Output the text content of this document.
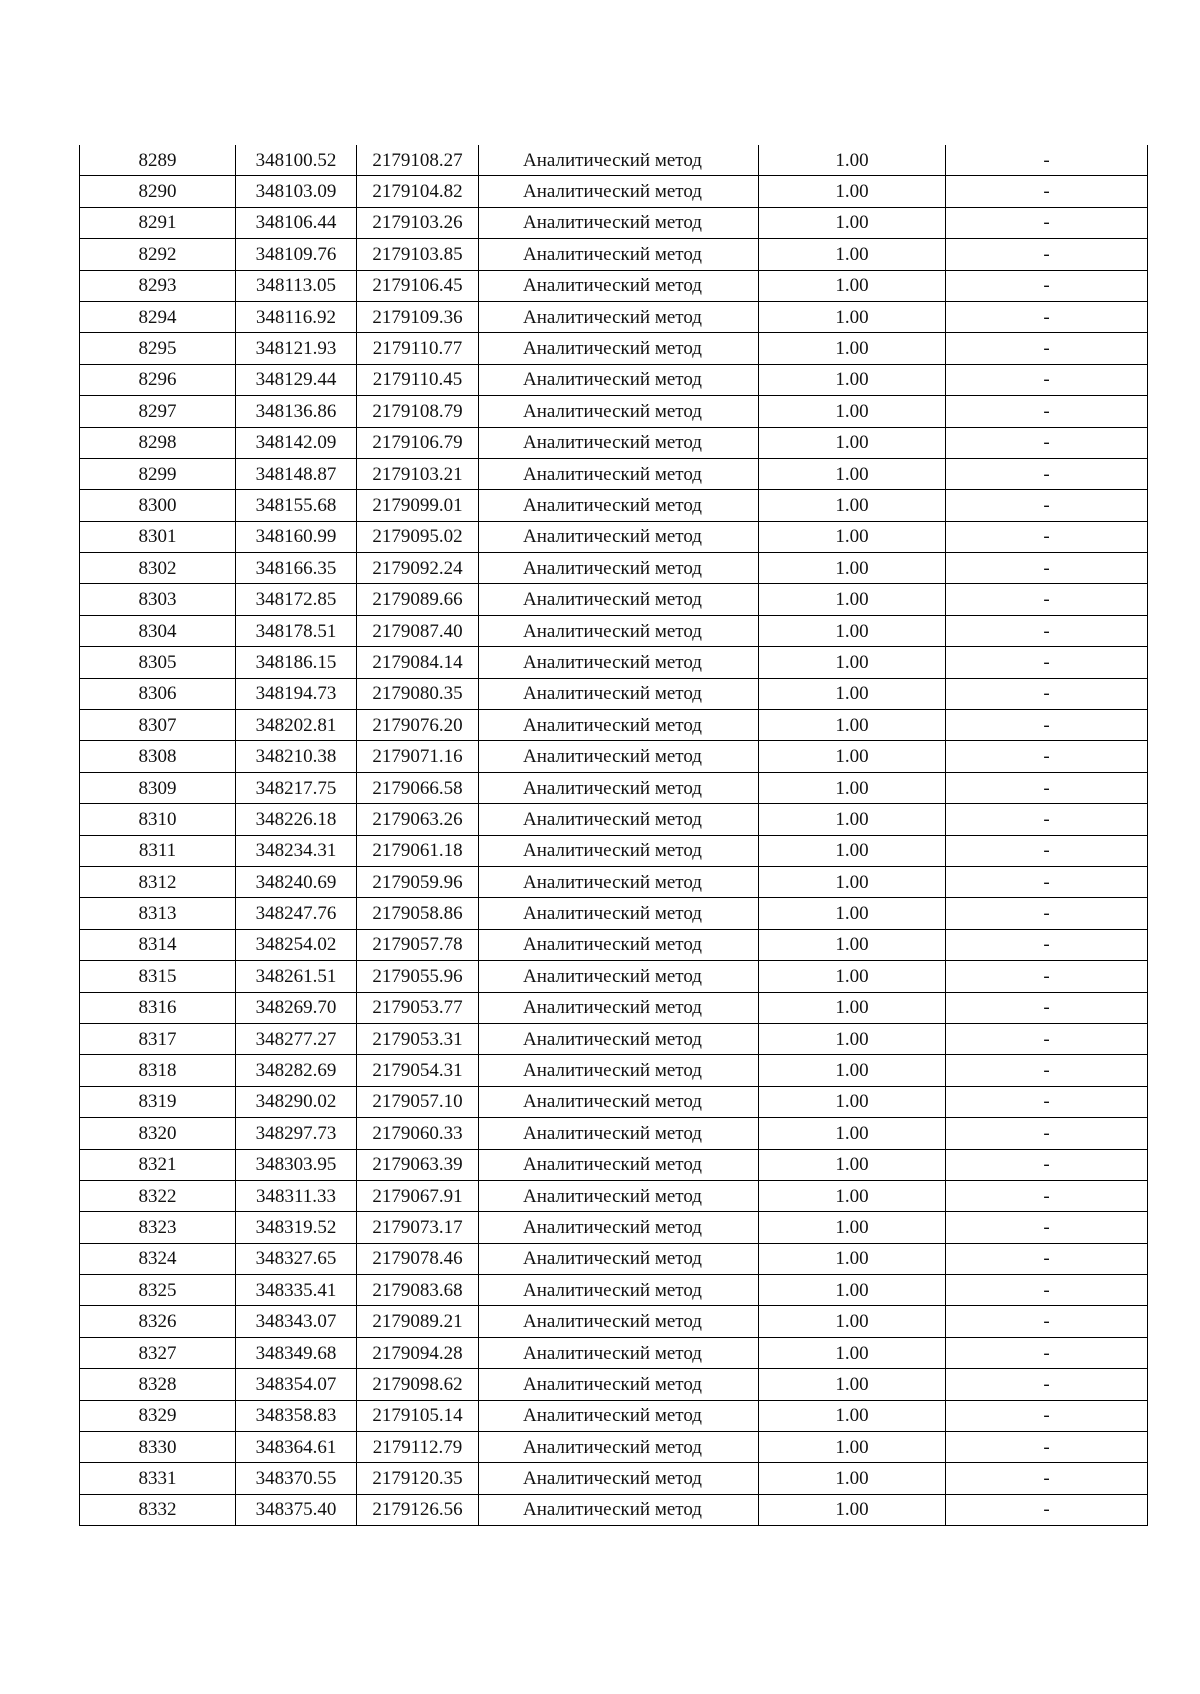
8289	348100.52	2179108.27	Аналитический метод	1.00	-
8290	348103.09	2179104.82	Аналитический метод	1.00	-
8291	348106.44	2179103.26	Аналитический метод	1.00	-
8292	348109.76	2179103.85	Аналитический метод	1.00	-
8293	348113.05	2179106.45	Аналитический метод	1.00	-
8294	348116.92	2179109.36	Аналитический метод	1.00	-
8295	348121.93	2179110.77	Аналитический метод	1.00	-
8296	348129.44	2179110.45	Аналитический метод	1.00	-
8297	348136.86	2179108.79	Аналитический метод	1.00	-
8298	348142.09	2179106.79	Аналитический метод	1.00	-
8299	348148.87	2179103.21	Аналитический метод	1.00	-
8300	348155.68	2179099.01	Аналитический метод	1.00	-
8301	348160.99	2179095.02	Аналитический метод	1.00	-
8302	348166.35	2179092.24	Аналитический метод	1.00	-
8303	348172.85	2179089.66	Аналитический метод	1.00	-
8304	348178.51	2179087.40	Аналитический метод	1.00	-
8305	348186.15	2179084.14	Аналитический метод	1.00	-
8306	348194.73	2179080.35	Аналитический метод	1.00	-
8307	348202.81	2179076.20	Аналитический метод	1.00	-
8308	348210.38	2179071.16	Аналитический метод	1.00	-
8309	348217.75	2179066.58	Аналитический метод	1.00	-
8310	348226.18	2179063.26	Аналитический метод	1.00	-
8311	348234.31	2179061.18	Аналитический метод	1.00	-
8312	348240.69	2179059.96	Аналитический метод	1.00	-
8313	348247.76	2179058.86	Аналитический метод	1.00	-
8314	348254.02	2179057.78	Аналитический метод	1.00	-
8315	348261.51	2179055.96	Аналитический метод	1.00	-
8316	348269.70	2179053.77	Аналитический метод	1.00	-
8317	348277.27	2179053.31	Аналитический метод	1.00	-
8318	348282.69	2179054.31	Аналитический метод	1.00	-
8319	348290.02	2179057.10	Аналитический метод	1.00	-
8320	348297.73	2179060.33	Аналитический метод	1.00	-
8321	348303.95	2179063.39	Аналитический метод	1.00	-
8322	348311.33	2179067.91	Аналитический метод	1.00	-
8323	348319.52	2179073.17	Аналитический метод	1.00	-
8324	348327.65	2179078.46	Аналитический метод	1.00	-
8325	348335.41	2179083.68	Аналитический метод	1.00	-
8326	348343.07	2179089.21	Аналитический метод	1.00	-
8327	348349.68	2179094.28	Аналитический метод	1.00	-
8328	348354.07	2179098.62	Аналитический метод	1.00	-
8329	348358.83	2179105.14	Аналитический метод	1.00	-
8330	348364.61	2179112.79	Аналитический метод	1.00	-
8331	348370.55	2179120.35	Аналитический метод	1.00	-
8332	348375.40	2179126.56	Аналитический метод	1.00	-
